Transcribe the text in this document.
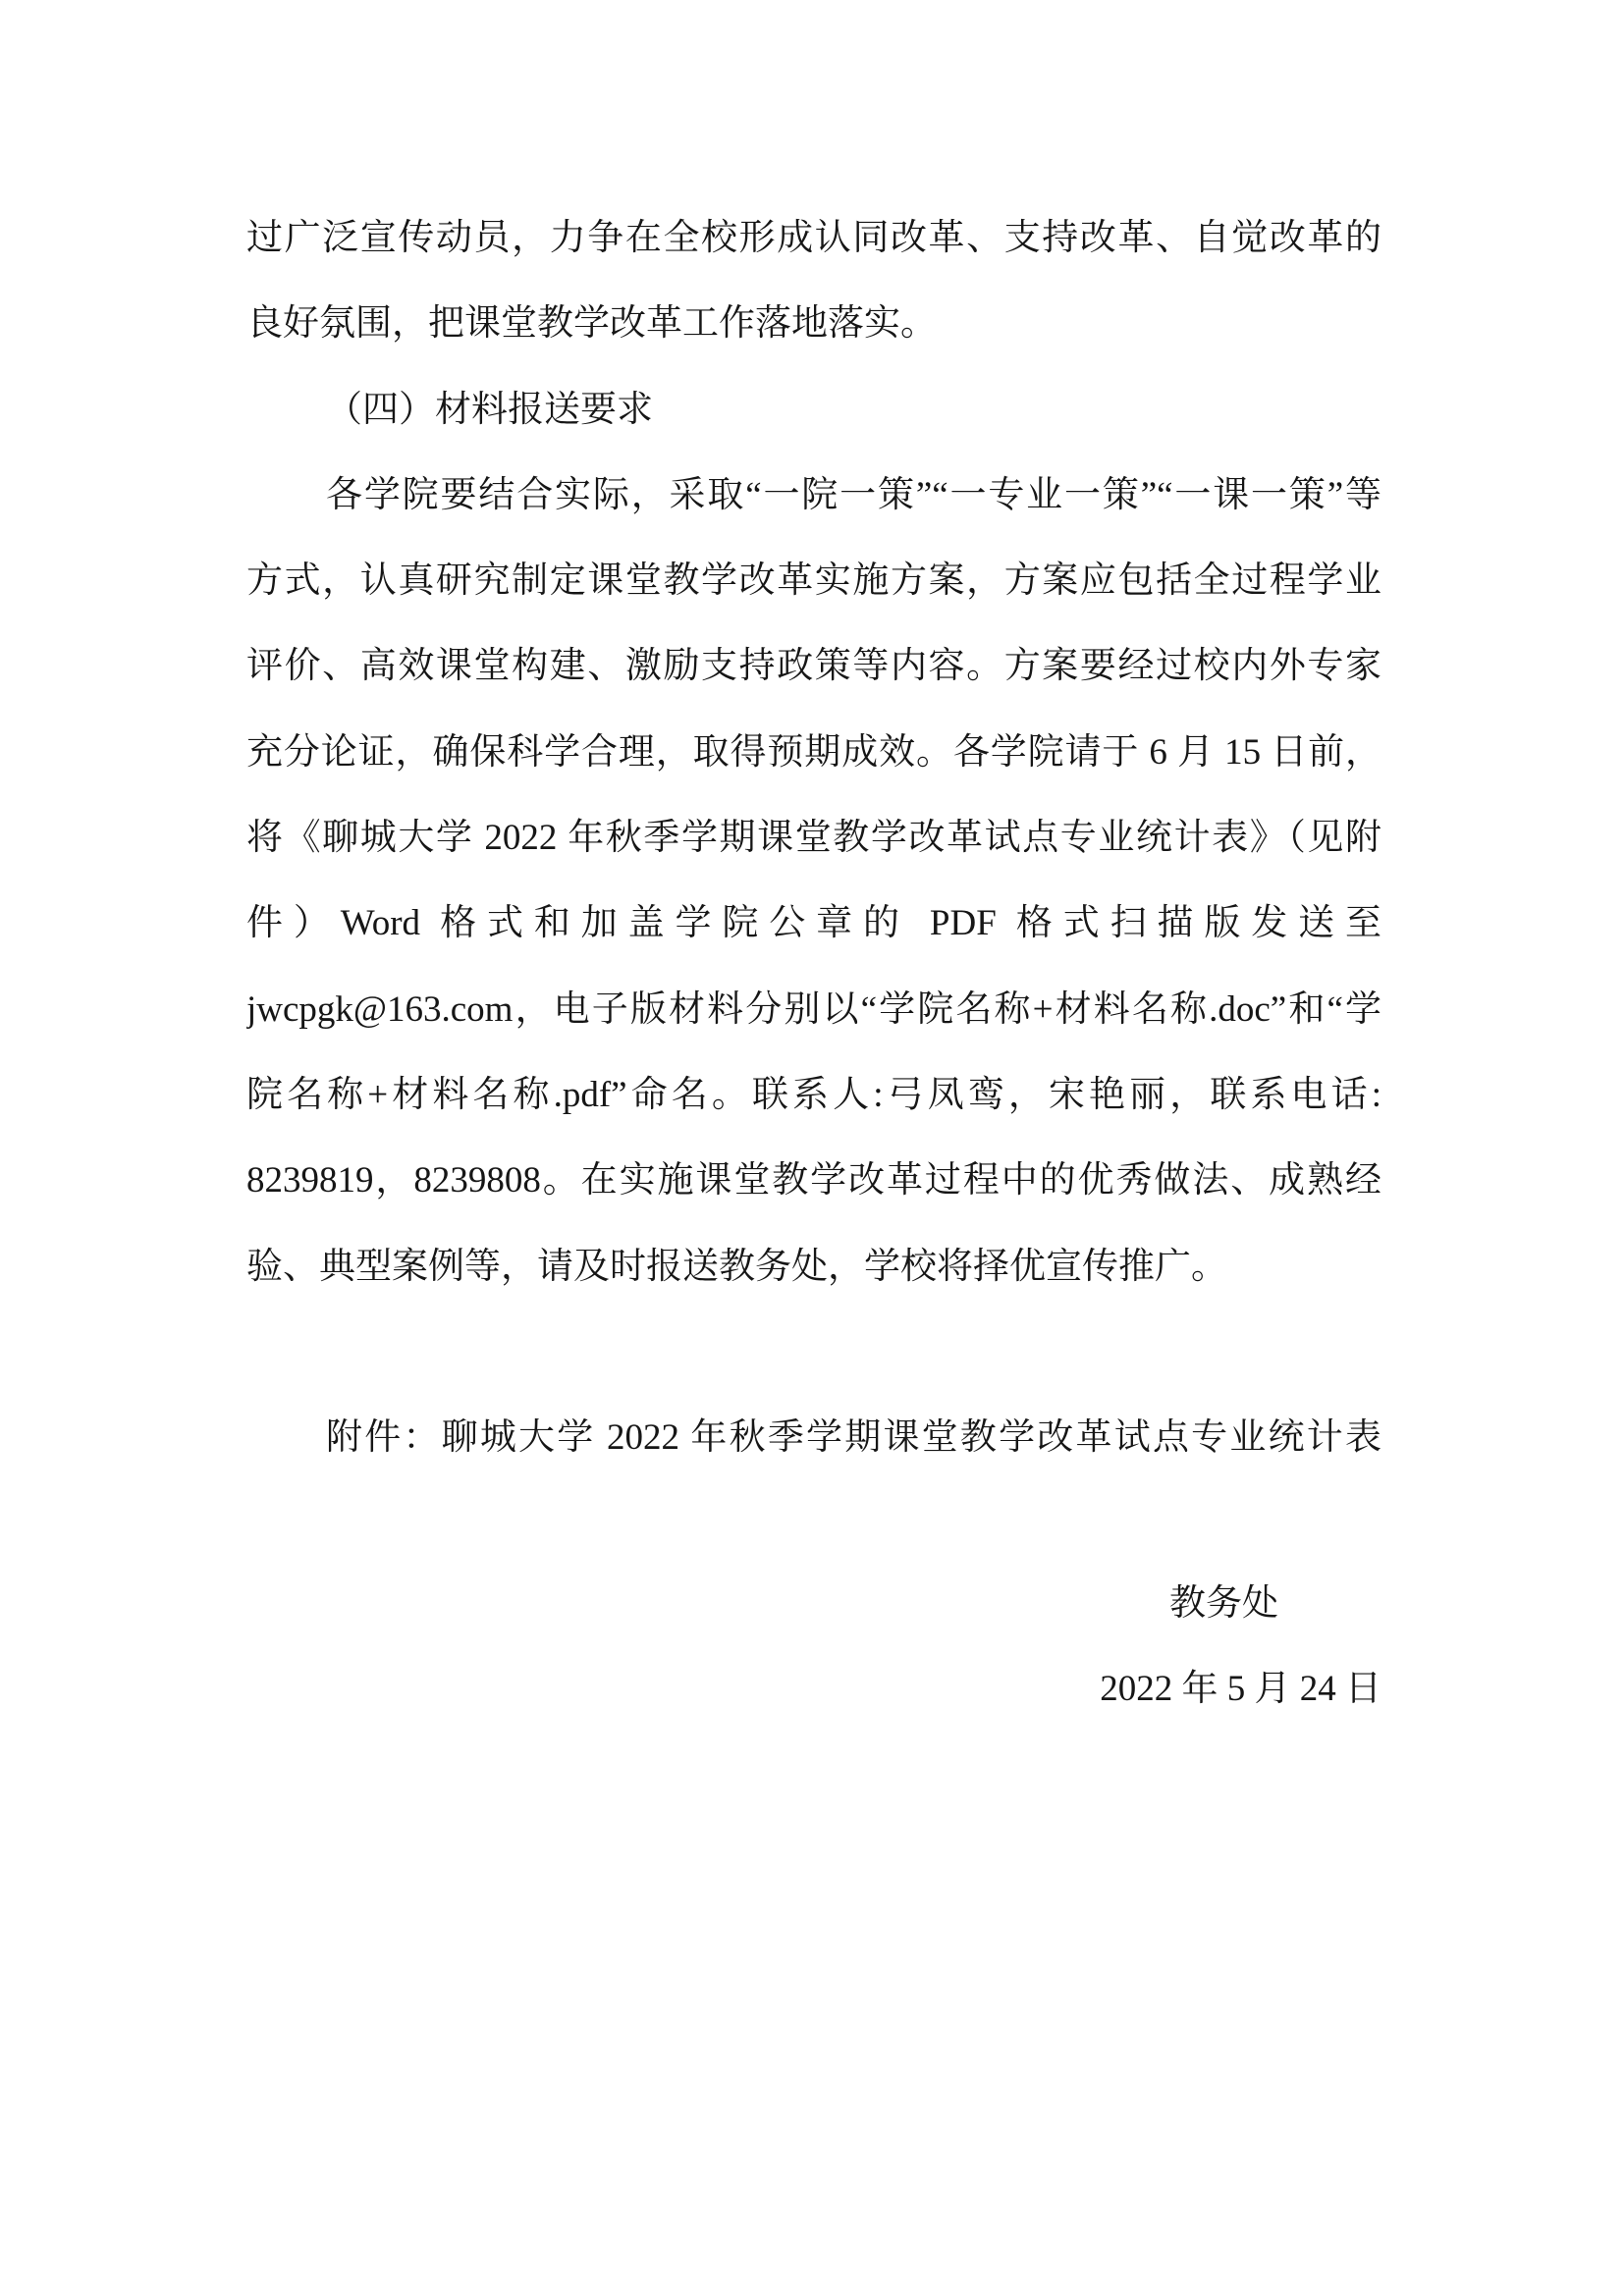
过广泛宣传动员，力争在全校形成认同改革、支持改革、自觉改革的
良好氛围，把课堂教学改革工作落地落实。
（四）材料报送要求
各学院要结合实际，采取“一院一策”“一专业一策”“一课一策”等
方式，认真研究制定课堂教学改革实施方案，方案应包括全过程学业
评价、高效课堂构建、激励支持政策等内容。方案要经过校内外专家
充分论证，确保科学合理，取得预期成效。各学院请于 6 月 15 日前，
将《聊城大学 2022 年秋季学期课堂教学改革试点专业统计表》（见附
件）Word 格式和加盖学院公章的 PDF 格式扫描版发送至
jwcpgk@163.com，电子版材料分别以“学院名称+材料名称.doc”和“学
院名称+材料名称.pdf”命名。联系人:弓凤鸾，宋艳丽，联系电话:
8239819，8239808。在实施课堂教学改革过程中的优秀做法、成熟经
验、典型案例等，请及时报送教务处，学校将择优宣传推广。
附件：聊城大学 2022 年秋季学期课堂教学改革试点专业统计表
教务处
2022 年 5 月 24 日
